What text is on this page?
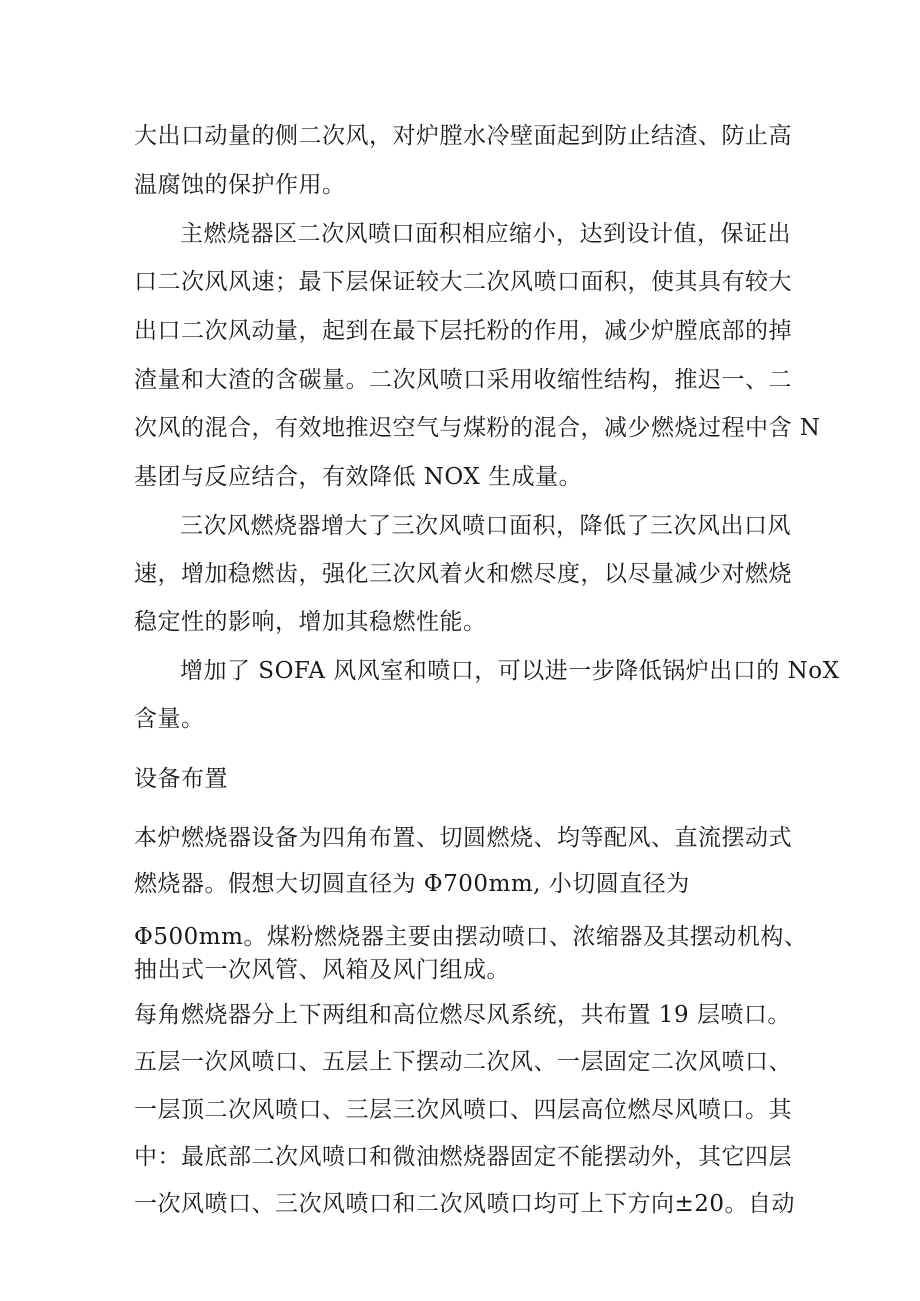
大出口动量的侧二次风，对炉膛水冷壁面起到防止结渣、防止高

温腐蚀的保护作用。

主燃烧器区二次风喷口面积相应缩小，达到设计值，保证出

口二次风风速；最下层保证较大二次风喷口面积，使其具有较大

出口二次风动量，起到在最下层托粉的作用，减少炉膛底部的掉

渣量和大渣的含碳量。二次风喷口采用收缩性结构，推迟一、二

次风的混合，有效地推迟空气与煤粉的混合，减少燃烧过程中含 N

基团与反应结合，有效降低 NOX 生成量。

三次风燃烧器增大了三次风喷口面积，降低了三次风出口风

速，增加稳燃齿，强化三次风着火和燃尽度，以尽量减少对燃烧

稳定性的影响，增加其稳燃性能。

增加了 SOFA 风风室和喷口，可以进一步降低锅炉出口的 NoX

含量。

设备布置

本炉燃烧器设备为四角布置、切圆燃烧、均等配风、直流摆动式

燃烧器。假想大切圆直径为 Φ700mm, 小切圆直径为

Φ500mm。煤粉燃烧器主要由摆动喷口、浓缩器及其摆动机构、

抽出式一次风管、风箱及风门组成。

每角燃烧器分上下两组和高位燃尽风系统，共布置 19 层喷口。

五层一次风喷口、五层上下摆动二次风、一层固定二次风喷口、

一层顶二次风喷口、三层三次风喷口、四层高位燃尽风喷口。其

中：最底部二次风喷口和微油燃烧器固定不能摆动外，其它四层

一次风喷口、三次风喷口和二次风喷口均可上下方向±20。自动
